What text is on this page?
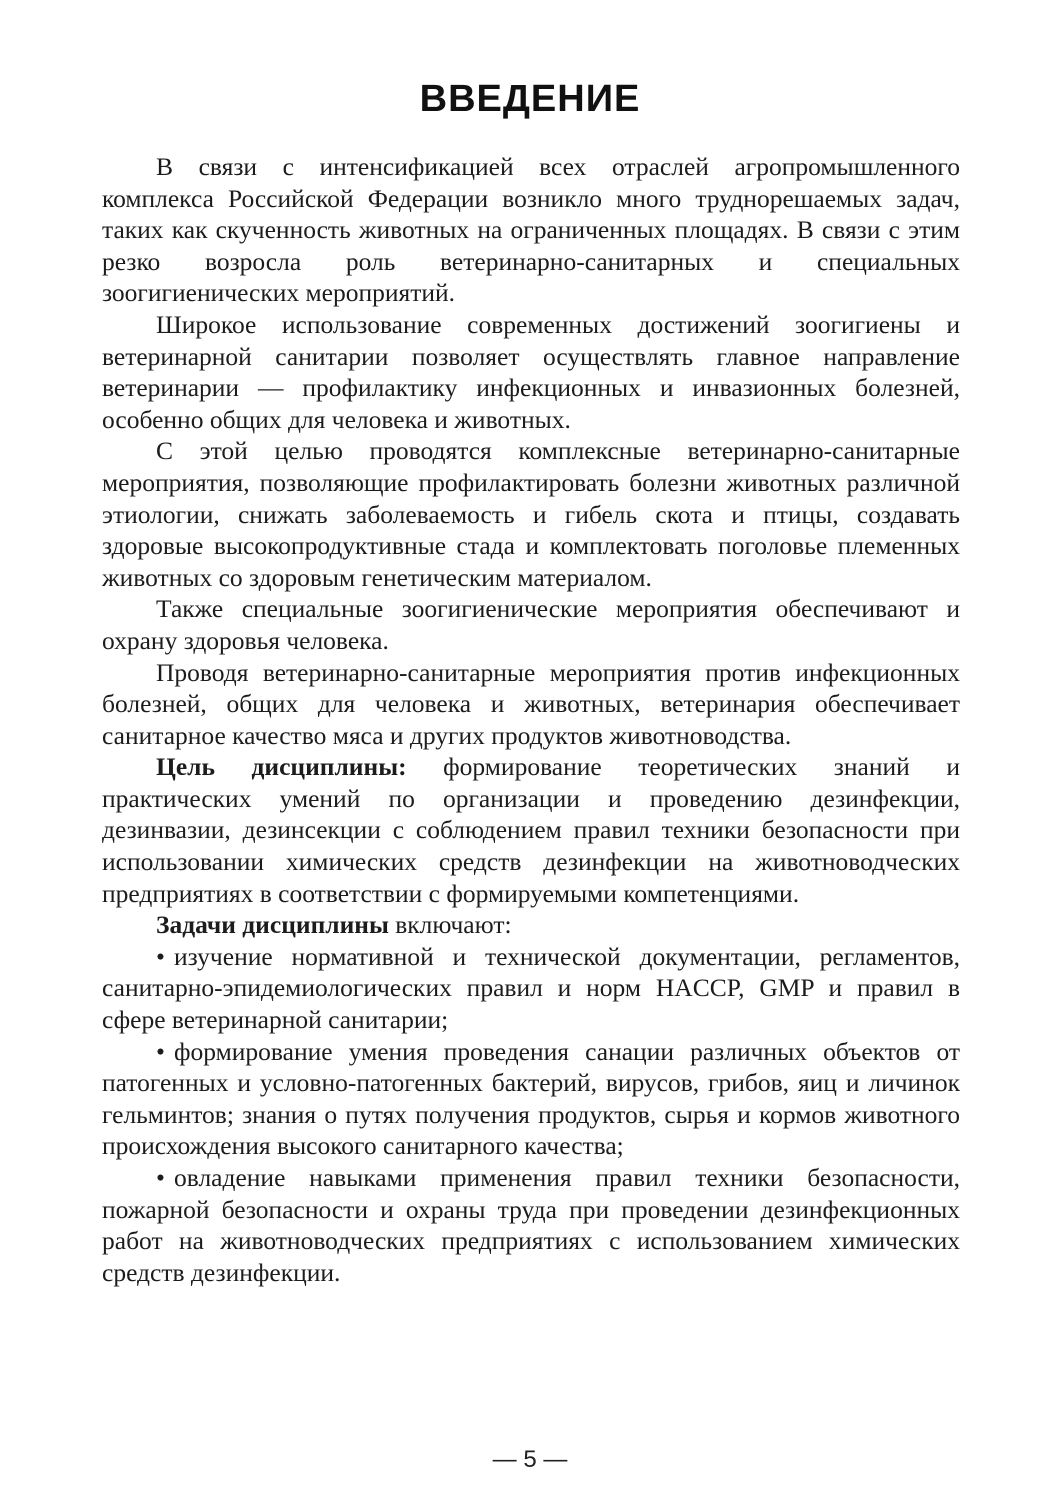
ВВЕДЕНИЕ

В связи с интенсификацией всех отраслей агропромышленного комплекса Российской Федерации возникло много труднорешаемых задач, таких как скученность животных на ограниченных площадях. В связи с этим резко возросла роль ветеринарно-санитарных и специальных зоогигиенических мероприятий.

Широкое использование современных достижений зоогигиены и ветеринарной санитарии позволяет осуществлять главное направление ветеринарии — профилактику инфекционных и инвазионных болезней, особенно общих для человека и животных.

С этой целью проводятся комплексные ветеринарно-санитарные мероприятия, позволяющие профилактировать болезни животных различной этиологии, снижать заболеваемость и гибель скота и птицы, создавать здоровые высокопродуктивные стада и комплектовать поголовье племенных животных со здоровым генетическим материалом.

Также специальные зоогигиенические мероприятия обеспечивают и охрану здоровья человека.

Проводя ветеринарно-санитарные мероприятия против инфекционных болезней, общих для человека и животных, ветеринария обеспечивает санитарное качество мяса и других продуктов животноводства.

Цель дисциплины: формирование теоретических знаний и практических умений по организации и проведению дезинфекции, дезинвазии, дезинсекции с соблюдением правил техники безопасности при использовании химических средств дезинфекции на животноводческих предприятиях в соответствии с формируемыми компетенциями.

Задачи дисциплины включают:

• изучение нормативной и технической документации, регламентов, санитарно-эпидемиологических правил и норм HACCP, GMP и правил в сфере ветеринарной санитарии;

• формирование умения проведения санации различных объектов от патогенных и условно-патогенных бактерий, вирусов, грибов, яиц и личинок гельминтов; знания о путях получения продуктов, сырья и кормов животного происхождения высокого санитарного качества;

• овладение навыками применения правил техники безопасности, пожарной безопасности и охраны труда при проведении дезинфекционных работ на животноводческих предприятиях с использованием химических средств дезинфекции.

— 5 —
